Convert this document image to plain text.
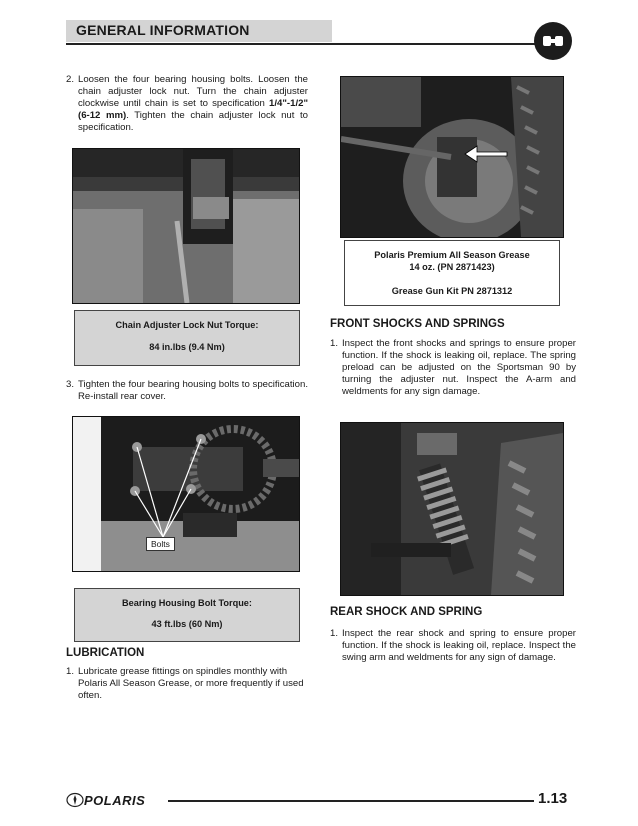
GENERAL INFORMATION
2. Loosen the four bearing housing bolts. Loosen the chain adjuster lock nut. Turn the chain adjuster clockwise until chain is set to specification 1/4"-1/2" (6-12 mm). Tighten the chain adjuster lock nut to specification.
Chain Adjuster Lock Nut Torque:
84 in.lbs (9.4 Nm)
3. Tighten the four bearing housing bolts to specification. Re-install rear cover.
Bolts
Bearing Housing Bolt Torque:
43 ft.lbs (60 Nm)
LUBRICATION
1. Lubricate grease fittings on spindles monthly with Polaris All Season Grease, or more frequently if used often.
Polaris Premium All Season Grease
14 oz. (PN 2871423)
Grease Gun Kit PN 2871312
FRONT SHOCKS AND SPRINGS
1. Inspect the front shocks and springs to ensure proper function. If the shock is leaking oil, replace. The spring preload can be adjusted on the Sportsman 90 by turning the adjuster nut. Inspect the A-arm and weldments for any sign damage.
REAR SHOCK AND SPRING
1. Inspect the rear shock and spring to ensure proper function. If the shock is leaking oil, replace. Inspect the swing arm and weldments for any sign of damage.
POLARIS	1.13
